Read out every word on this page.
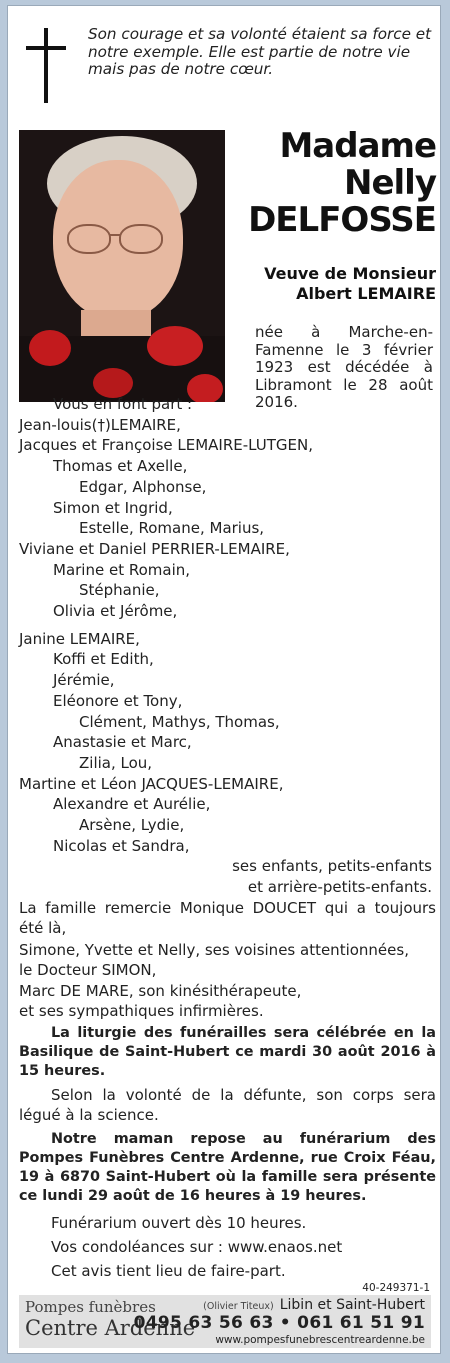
Son courage et sa volonté étaient sa force et notre exemple. Elle est partie de notre vie mais pas de notre cœur.
Madame
Nelly
DELFOSSE
Veuve de Monsieur
Albert LEMAIRE
née à Marche-en-Famenne le 3 février 1923 est décédée à Libramont le 28 août 2016.
Vous en font part :
Jean-louis(†)LEMAIRE,
Jacques et Françoise LEMAIRE-LUTGEN,
Thomas et Axelle,
Edgar, Alphonse,
Simon et Ingrid,
Estelle, Romane, Marius,
Viviane et Daniel PERRIER-LEMAIRE,
Marine et Romain,
Stéphanie,
Olivia et Jérôme,
Janine LEMAIRE,
Koffi et Edith,
Jérémie,
Eléonore et Tony,
Clément, Mathys, Thomas,
Anastasie et Marc,
Zilia, Lou,
Martine et Léon JACQUES-LEMAIRE,
Alexandre et Aurélie,
Arsène, Lydie,
Nicolas et Sandra,
ses enfants, petits-enfants
et arrière-petits-enfants.
La famille remercie Monique DOUCET qui a toujours été là,
Simone, Yvette et Nelly, ses voisines attentionnées,
le Docteur SIMON,
Marc DE MARE, son kinésithérapeute,
et ses sympathiques infirmières.
La liturgie des funérailles sera célébrée en la Basilique de Saint-Hubert ce mardi 30 août 2016 à 15 heures.
Selon la volonté de la défunte, son corps sera légué à la science.
Notre maman repose au funérarium des Pompes Funèbres Centre Ardenne, rue Croix Féau, 19 à 6870 Saint-Hubert où la famille sera présente ce lundi 29 août de 16 heures à 19 heures.
Funérarium ouvert dès 10 heures.
Vos condoléances sur : www.enaos.net
Cet avis tient lieu de faire-part.
40-249371-1
Pompes funèbres
Centre Ardenne
(Olivier Titeux) Libin et Saint-Hubert
0495 63 56 63 • 061 61 51 91
www.pompesfunebrescentreardenne.be
